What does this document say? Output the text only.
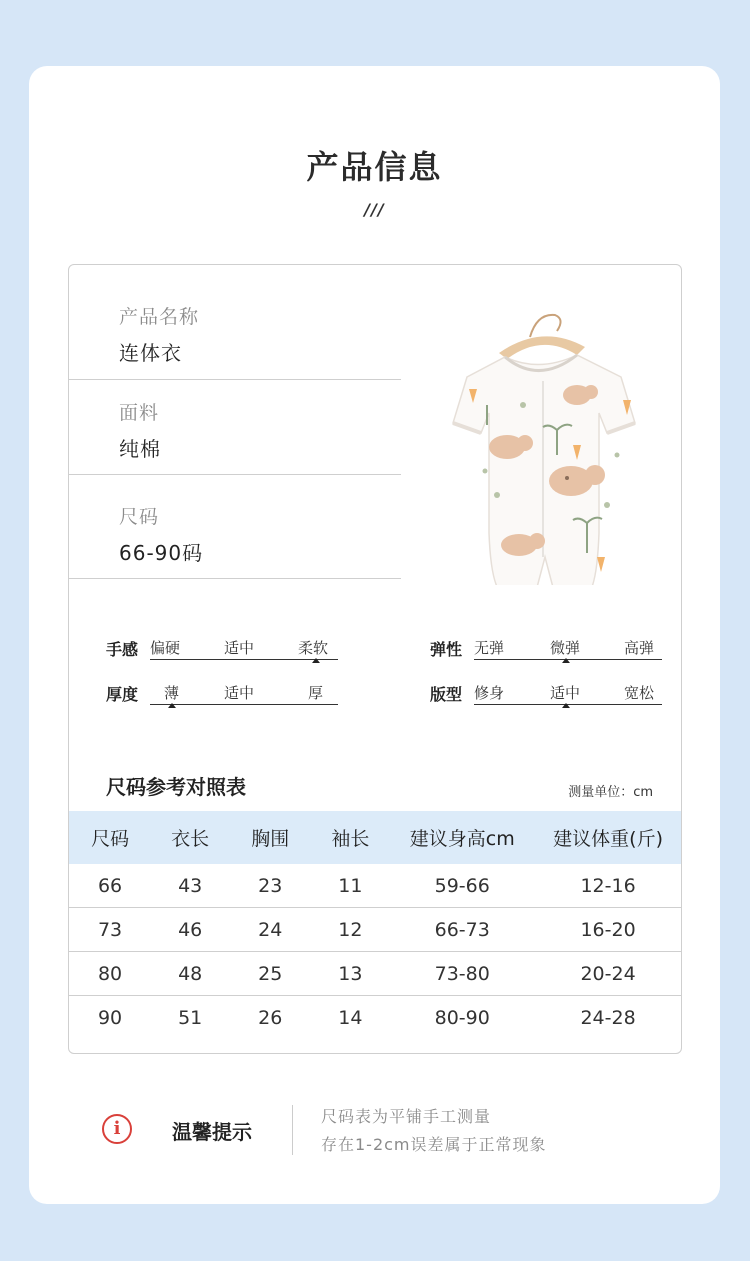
产品信息
///
产品名称
连体衣
面料
纯棉
尺码
66-90码
手感 偏硬	适中	柔软
厚度 薄	适中	厚
弹性 无弹	微弹	高弹
版型 修身	适中	宽松
尺码参考对照表	测量单位：cm
尺码	衣长	胸围	袖长	建议身高cm	建议体重(斤)
66	43	23	11	59-66	12-16
73	46	24	12	66-73	16-20
80	48	25	13	73-80	20-24
90	51	26	14	80-90	24-28
i	温馨提示
尺码表为平铺手工测量
存在1-2cm误差属于正常现象
